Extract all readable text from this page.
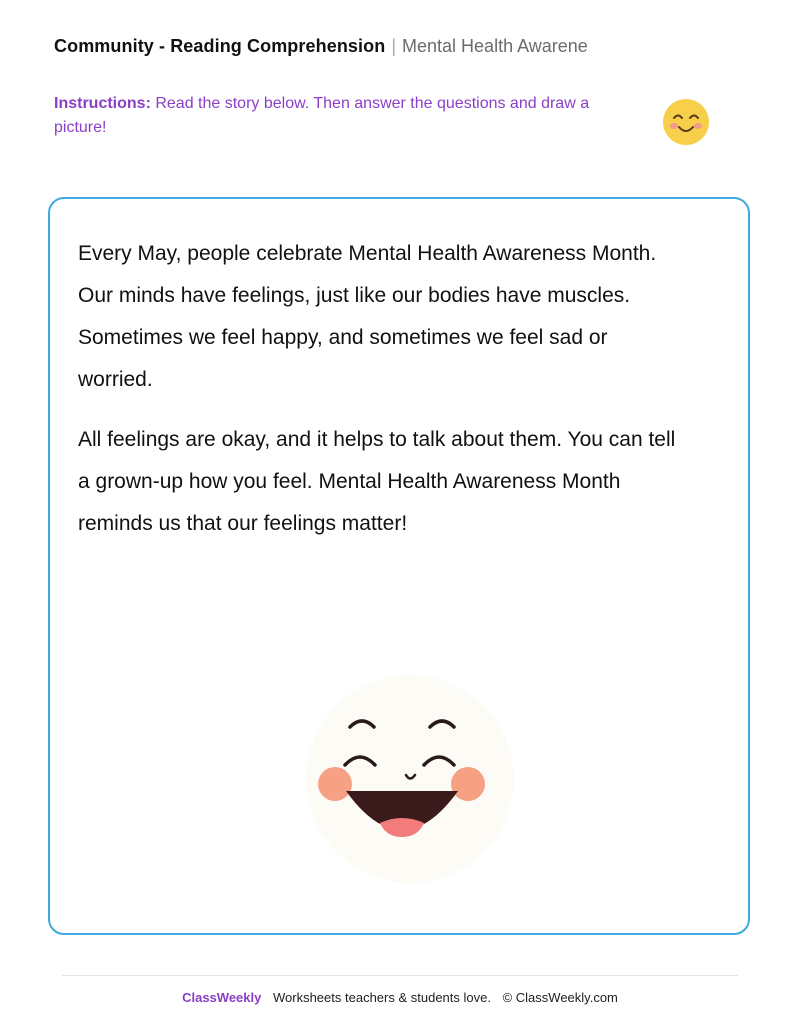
Community - Reading Comprehension | Mental Health Awarene
Instructions: Read the story below. Then answer the questions and draw a picture!

Every May, people celebrate Mental Health Awareness Month. Our minds have feelings, just like our bodies have muscles. Sometimes we feel happy, and sometimes we feel sad or worried.

All feelings are okay, and it helps to talk about them. You can tell a grown-up how you feel. Mental Health Awareness Month reminds us that our feelings matter!

ClassWeekly Worksheets teachers & students love. © ClassWeekly.com
